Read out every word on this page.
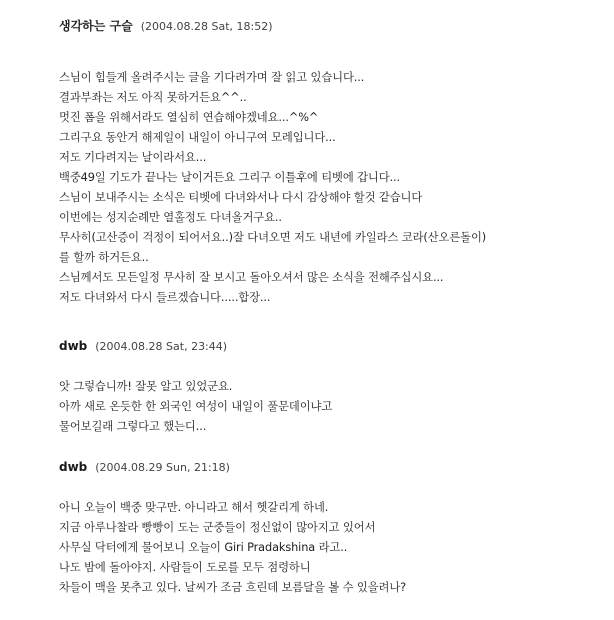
생각하는 구슬 (2004.08.28 Sat, 18:52)
스님이 힘들게 올려주시는 글을 기다려가며 잘 읽고 있습니다...
결과부좌는 저도 아직 못하거든요^^..
멋진 폼을 위해서라도 열심히 연습해야겠네요...^%^
그리구요 동안거 해제일이 내일이 아니구여 모레입니다...
저도 기다려지는 날이라서요...
백중49일 기도가 끝나는 날이거든요 그리구 이틀후에 티벳에 갑니다...
스님이 보내주시는 소식은 티벳에 다녀와서나 다시 감상해야 할것 같습니다
이번에는 성지순례만 열홀정도 다녀올거구요..
무사히(고산증이 걱정이 되어서요..)잘 다녀오면 저도 내년에 카일라스 코라(산오른돌이)
를 할까 하거든요..
스님께서도 모든일정 무사히 잘 보시고 돌아오셔서 많은 소식을 전해주십시요...
저도 다녀와서 다시 들르겠습니다.....합장...
dwb (2004.08.28 Sat, 23:44)
앗 그렇습니까! 잘못 알고 있었군요.
아까 새로 온듯한 한 외국인 여성이 내일이 풀문데이냐고
물어보길래 그렇다고 했는디...
dwb (2004.08.29 Sun, 21:18)
아니 오늘이 백중 맞구만. 아니라고 해서 헷갈리게 하네.
지금 아루나찰라 빵빵이 도는 군중들이 정신없이 많아지고 있어서
사무실 닥터에게 물어보니 오늘이 Giri Pradakshina 라고..
나도 밤에 돌아야지. 사람들이 도로를 모두 점령하니
차들이 맥을 못추고 있다. 날씨가 조금 흐린데 보름달을 볼 수 있을려나?
